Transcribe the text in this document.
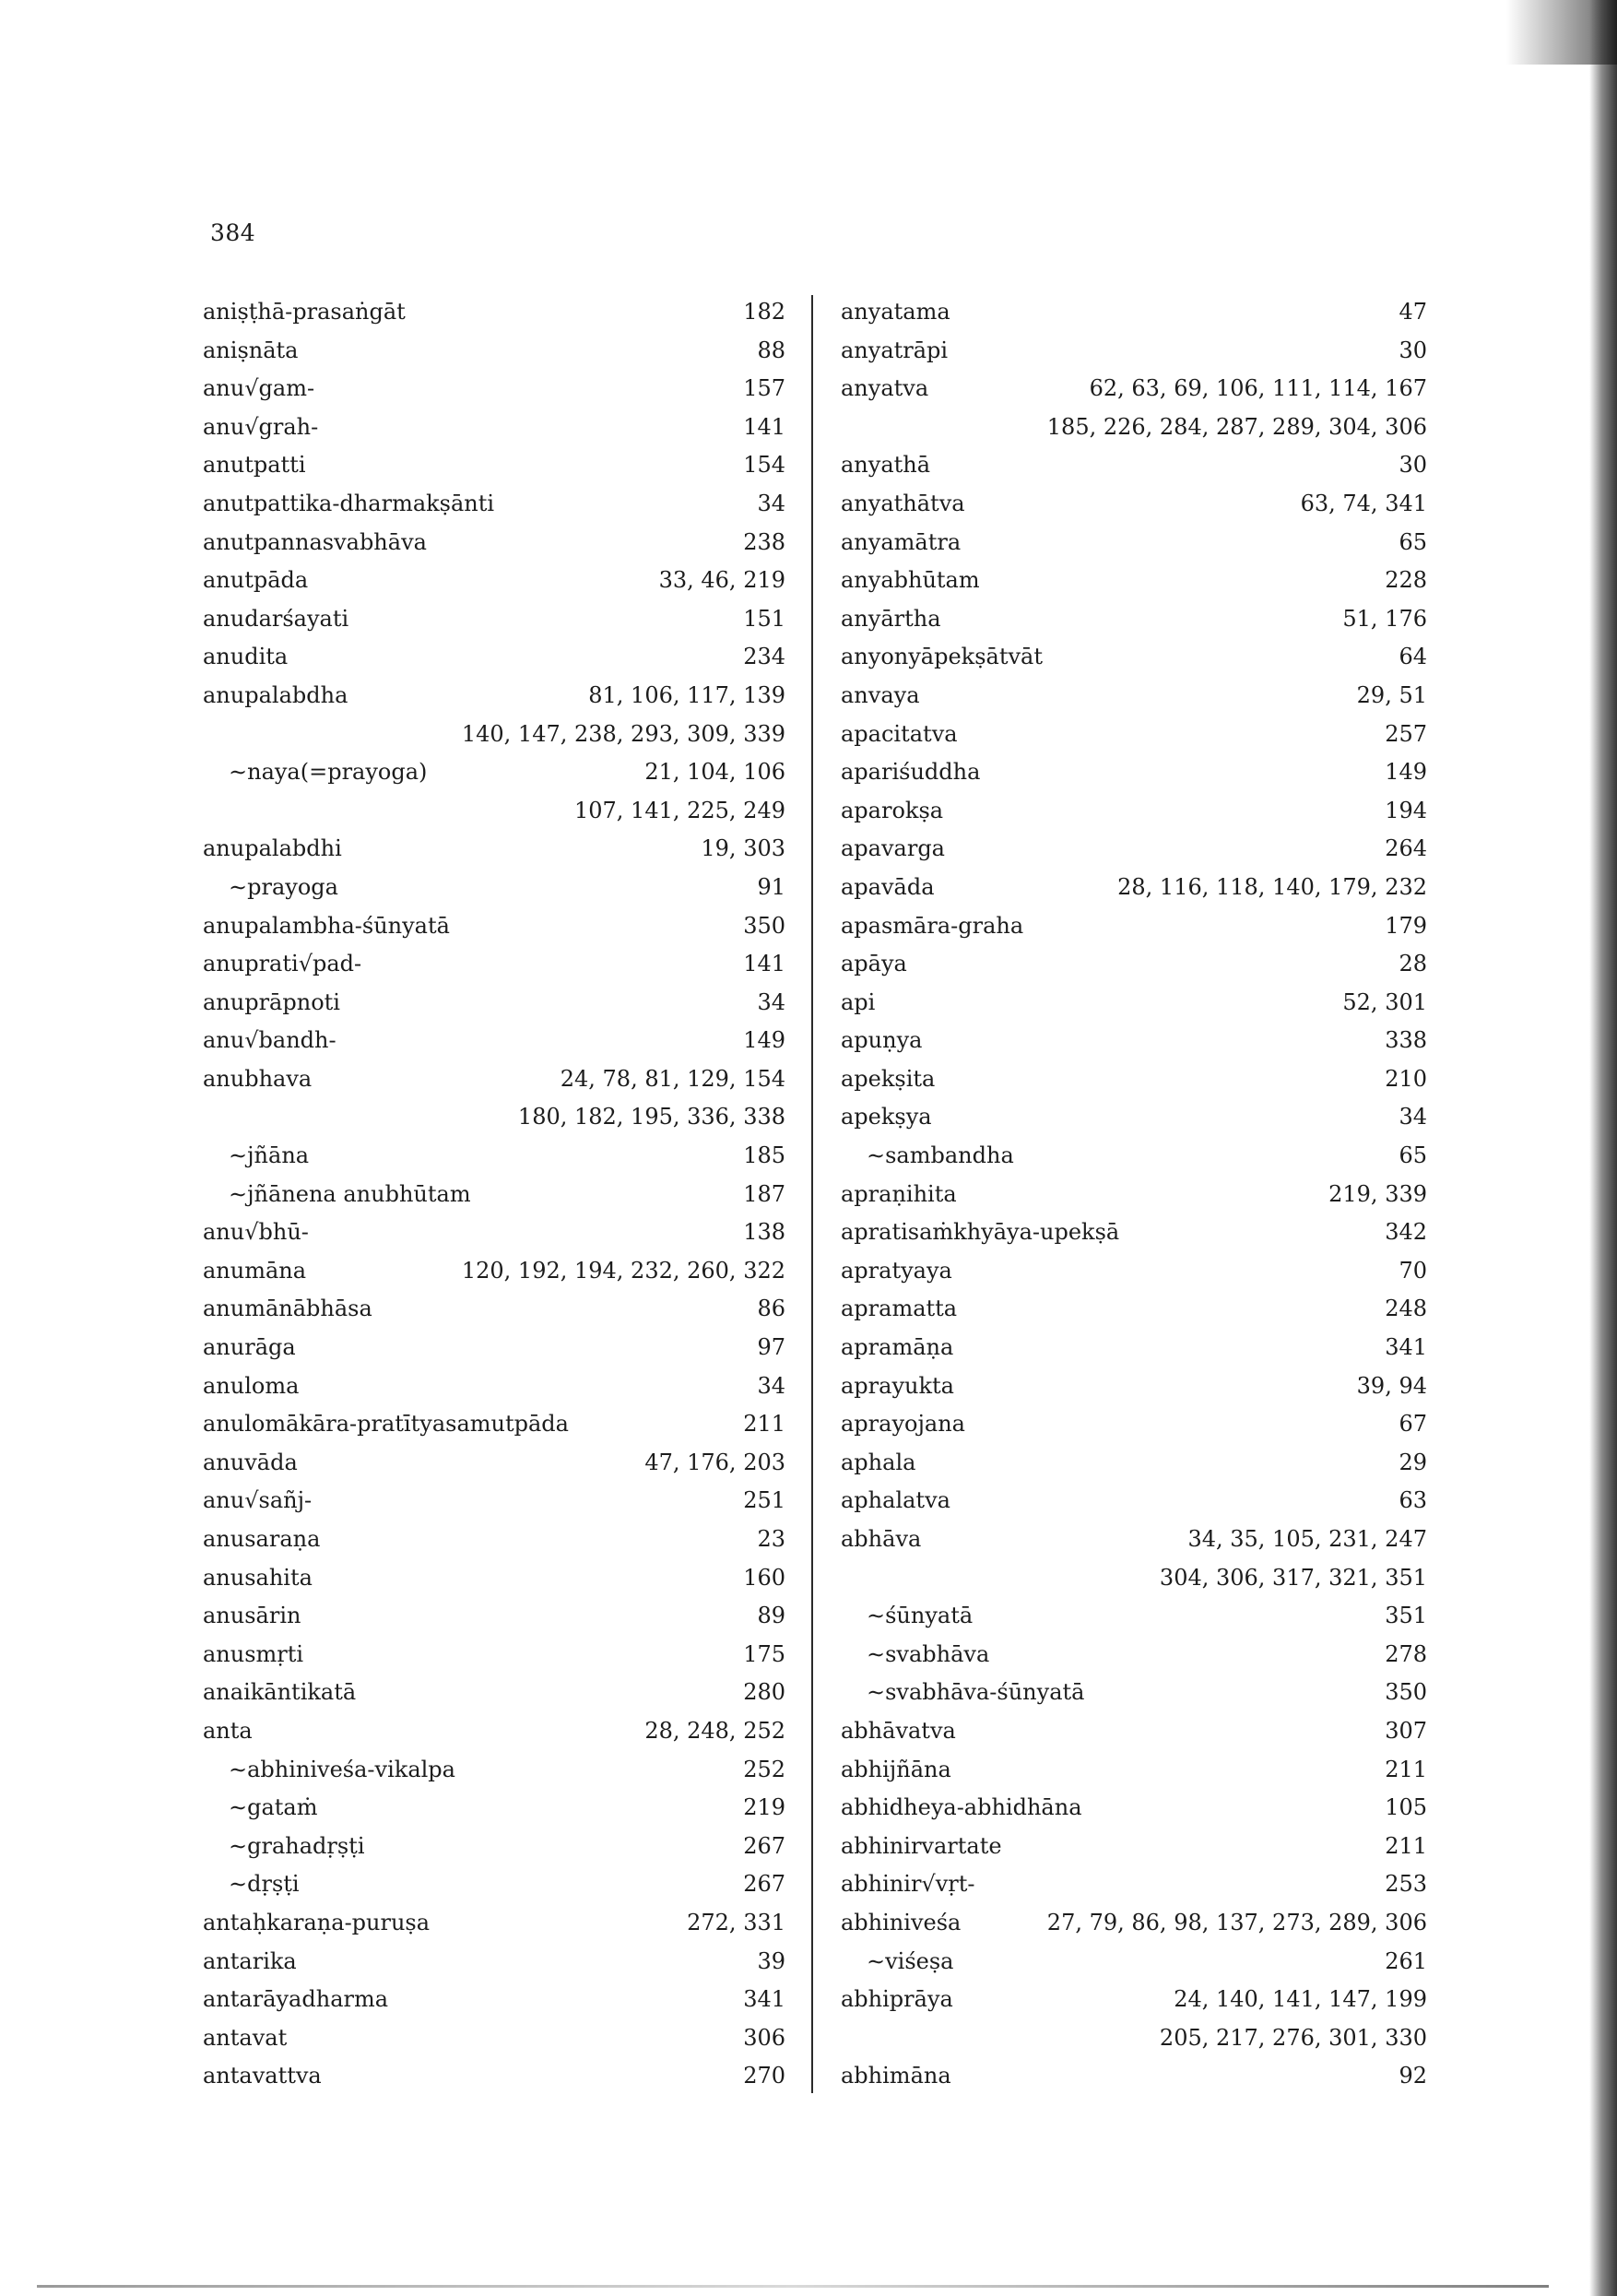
384
aniṣṭhā-prasaṅgāt	182
aniṣnāta	88
anu√gam-	157
anu√grah-	141
anutpatti	154
anutpattika-dharmakṣānti	34
anutpannasvabhāva	238
anutpāda	33, 46, 219
anudarśayati	151
anudita	234
anupalabdha	81, 106, 117, 139
140, 147, 238, 293, 309, 339
∼naya(=prayoga)	21, 104, 106
107, 141, 225, 249
anupalabdhi	19, 303
∼prayoga	91
anupalambha-śūnyatā	350
anuprati√pad-	141
anuprāpnoti	34
anu√bandh-	149
anubhava	24, 78, 81, 129, 154
180, 182, 195, 336, 338
∼jñāna	185
∼jñānena anubhūtam	187
anu√bhū-	138
anumāna	120, 192, 194, 232, 260, 322
anumānābhāsa	86
anurāga	97
anuloma	34
anulomākāra-pratītyasamutpāda	211
anuvāda	47, 176, 203
anu√sañj-	251
anusaraṇa	23
anusahita	160
anusārin	89
anusmṛti	175
anaikāntikatā	280
anta	28, 248, 252
∼abhiniveśa-vikalpa	252
∼gataṁ	219
∼grahadṛṣṭi	267
∼dṛṣṭi	267
antaḥkaraṇa-puruṣa	272, 331
antarika	39
antarāyadharma	341
antavat	306
antavattva	270
anyatama	47
anyatrāpi	30
anyatva	62, 63, 69, 106, 111, 114, 167
185, 226, 284, 287, 289, 304, 306
anyathā	30
anyathātva	63, 74, 341
anyamātra	65
anyabhūtam	228
anyārtha	51, 176
anyonyāpekṣātvāt	64
anvaya	29, 51
apacitatva	257
apariśuddha	149
aparokṣa	194
apavarga	264
apavāda	28, 116, 118, 140, 179, 232
apasmāra-graha	179
apāya	28
api	52, 301
apuṇya	338
apekṣita	210
apekṣya	34
∼sambandha	65
apraṇihita	219, 339
apratisaṁkhyāya-upekṣā	342
apratyaya	70
apramatta	248
apramāṇa	341
aprayukta	39, 94
aprayojana	67
aphala	29
aphalatva	63
abhāva	34, 35, 105, 231, 247
304, 306, 317, 321, 351
∼śūnyatā	351
∼svabhāva	278
∼svabhāva-śūnyatā	350
abhāvatva	307
abhijñāna	211
abhidheya-abhidhāna	105
abhinirvartate	211
abhinir√vṛt-	253
abhiniveśa	27, 79, 86, 98, 137, 273, 289, 306
∼viśeṣa	261
abhiprāya	24, 140, 141, 147, 199
205, 217, 276, 301, 330
abhimāna	92
